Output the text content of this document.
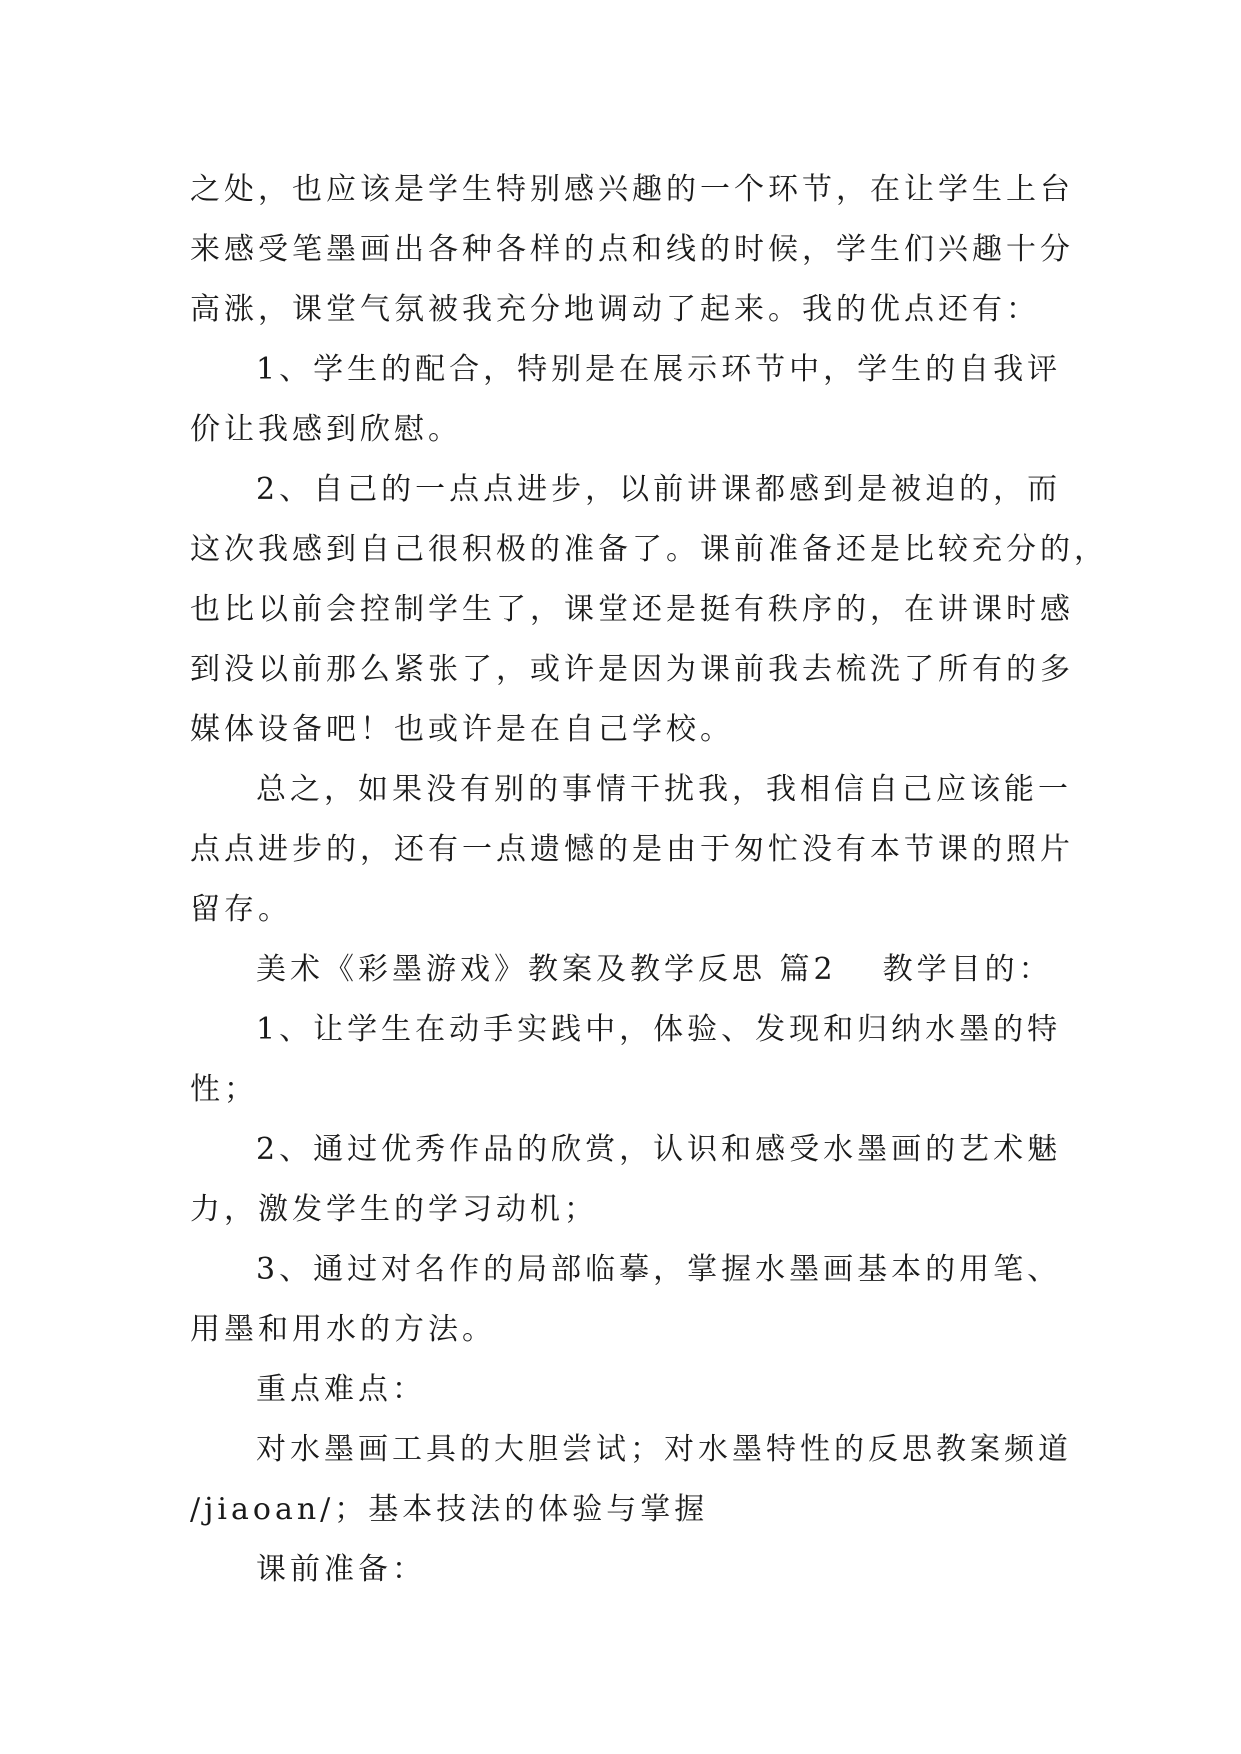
之处，也应该是学生特别感兴趣的一个环节，在让学生上台
来感受笔墨画出各种各样的点和线的时候，学生们兴趣十分
高涨，课堂气氛被我充分地调动了起来。我的优点还有：
1、学生的配合，特别是在展示环节中，学生的自我评
价让我感到欣慰。
2、自己的一点点进步，以前讲课都感到是被迫的，而
这次我感到自己很积极的准备了。课前准备还是比较充分的，
也比以前会控制学生了，课堂还是挺有秩序的，在讲课时感
到没以前那么紧张了，或许是因为课前我去梳洗了所有的多
媒体设备吧！也或许是在自己学校。
总之，如果没有别的事情干扰我，我相信自己应该能一
点点进步的，还有一点遗憾的是由于匆忙没有本节课的照片
留存。
美术《彩墨游戏》教案及教学反思 篇2 教学目的：
1、让学生在动手实践中，体验、发现和归纳水墨的特
性；
2、通过优秀作品的欣赏，认识和感受水墨画的艺术魅
力，激发学生的学习动机；
3、通过对名作的局部临摹，掌握水墨画基本的用笔、
用墨和用水的方法。
重点难点：
对水墨画工具的大胆尝试；对水墨特性的反思教案频道
/jiaoan/；基本技法的体验与掌握
课前准备：
